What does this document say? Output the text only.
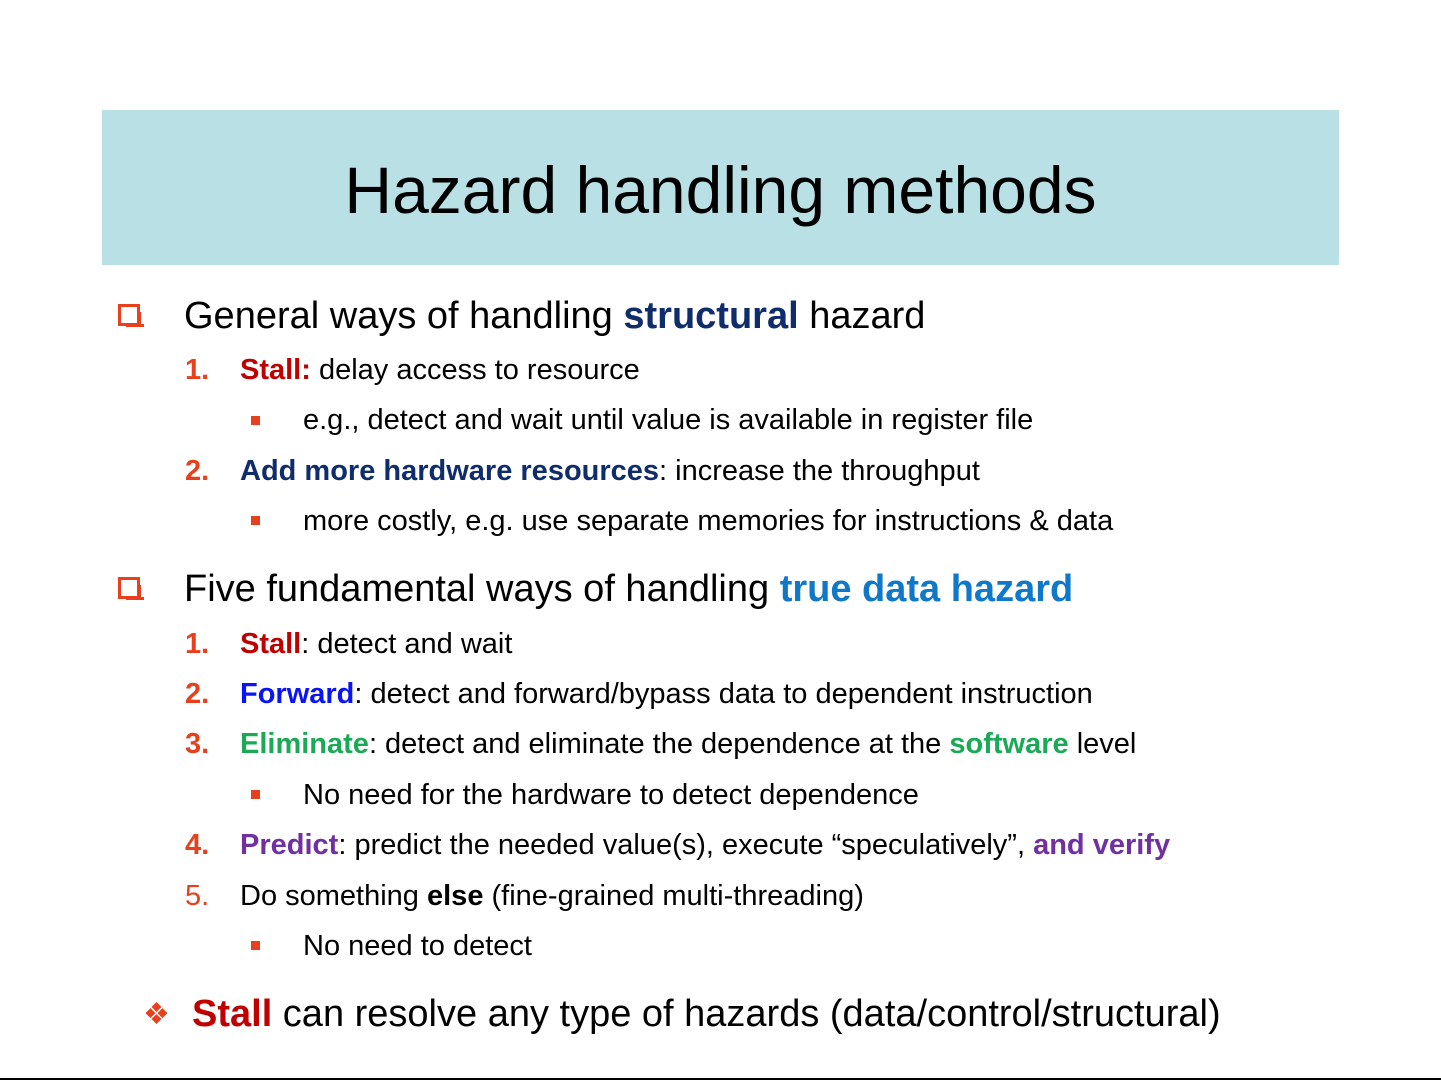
Hazard handling methods
General ways of handling structural hazard
1. Stall: delay access to resource
e.g., detect and wait until value is available in register file
2. Add more hardware resources: increase the throughput
more costly, e.g. use separate memories for instructions & data
Five fundamental ways of handling true data hazard
1. Stall: detect and wait
2. Forward: detect and forward/bypass data to dependent instruction
3. Eliminate: detect and eliminate the dependence at the software level
No need for the hardware to detect dependence
4. Predict: predict the needed value(s), execute “speculatively”, and verify
5. Do something else (fine-grained multi-threading)
No need to detect
❖ Stall can resolve any type of hazards (data/control/structural)
